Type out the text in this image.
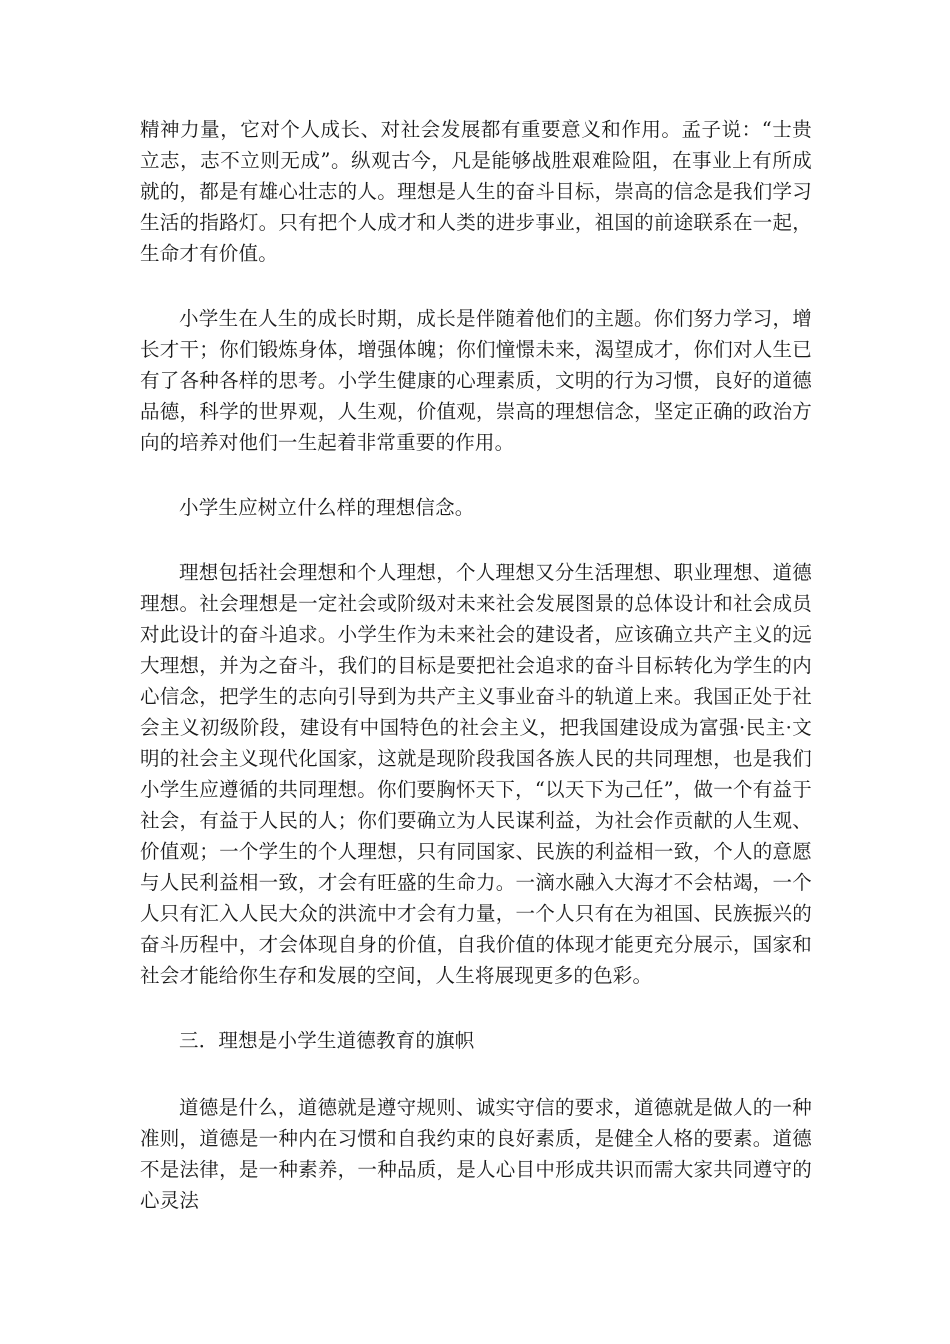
精神力量，它对个人成长、对社会发展都有重要意义和作用。孟子说：“士贵立志，志不立则无成”。纵观古今，凡是能够战胜艰难险阻，在事业上有所成就的，都是有雄心壮志的人。理想是人生的奋斗目标，崇高的信念是我们学习生活的指路灯。只有把个人成才和人类的进步事业，祖国的前途联系在一起，生命才有价值。

小学生在人生的成长时期，成长是伴随着他们的主题。你们努力学习，增长才干；你们锻炼身体，增强体魄；你们憧憬未来，渴望成才，你们对人生已有了各种各样的思考。小学生健康的心理素质，文明的行为习惯，良好的道德品德，科学的世界观，人生观，价值观，崇高的理想信念，坚定正确的政治方向的培养对他们一生起着非常重要的作用。

小学生应树立什么样的理想信念。

理想包括社会理想和个人理想，个人理想又分生活理想、职业理想、道德理想。社会理想是一定社会或阶级对未来社会发展图景的总体设计和社会成员对此设计的奋斗追求。小学生作为未来社会的建设者，应该确立共产主义的远大理想，并为之奋斗，我们的目标是要把社会追求的奋斗目标转化为学生的内心信念，把学生的志向引导到为共产主义事业奋斗的轨道上来。我国正处于社会主义初级阶段，建设有中国特色的社会主义，把我国建设成为富强·民主·文明的社会主义现代化国家，这就是现阶段我国各族人民的共同理想，也是我们小学生应遵循的共同理想。你们要胸怀天下，“以天下为己任”，做一个有益于社会，有益于人民的人；你们要确立为人民谋利益，为社会作贡献的人生观、价值观；一个学生的个人理想，只有同国家、民族的利益相一致，个人的意愿与人民利益相一致，才会有旺盛的生命力。一滴水融入大海才不会枯竭，一个人只有汇入人民大众的洪流中才会有力量，一个人只有在为祖国、民族振兴的奋斗历程中，才会体现自身的价值，自我价值的体现才能更充分展示，国家和社会才能给你生存和发展的空间，人生将展现更多的色彩。

三．理想是小学生道德教育的旗帜

道德是什么，道德就是遵守规则、诚实守信的要求，道德就是做人的一种准则，道德是一种内在习惯和自我约束的良好素质，是健全人格的要素。道德不是法律，是一种素养，一种品质，是人心目中形成共识而需大家共同遵守的心灵法
